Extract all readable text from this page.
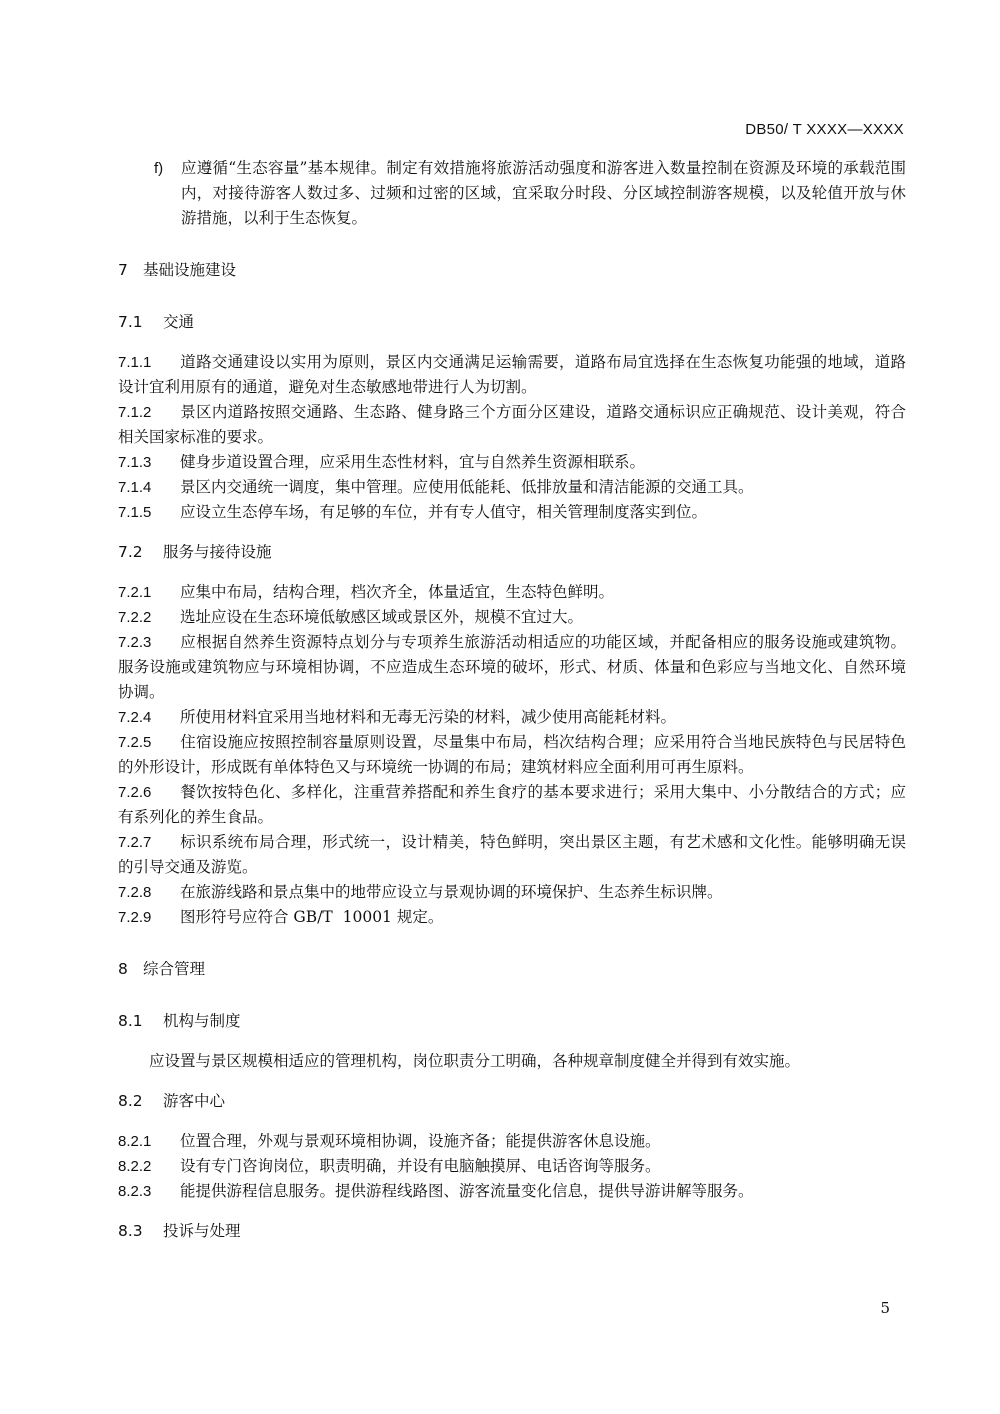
DB50/ T XXXX—XXXX

f) 应遵循“生态容量”基本规律。制定有效措施将旅游活动强度和游客进入数量控制在资源及环境的承载范围内，对接待游客人数过多、过频和过密的区域，宜采取分时段、分区域控制游客规模，以及轮值开放与休游措施，以利于生态恢复。

7 基础设施建设

7.1 交通

7.1.1 道路交通建设以实用为原则，景区内交通满足运输需要，道路布局宜选择在生态恢复功能强的地域，道路设计宜利用原有的通道，避免对生态敏感地带进行人为切割。

7.1.2 景区内道路按照交通路、生态路、健身路三个方面分区建设，道路交通标识应正确规范、设计美观，符合相关国家标准的要求。

7.1.3 健身步道设置合理，应采用生态性材料，宜与自然养生资源相联系。

7.1.4 景区内交通统一调度，集中管理。应使用低能耗、低排放量和清洁能源的交通工具。

7.1.5 应设立生态停车场，有足够的车位，并有专人值守，相关管理制度落实到位。

7.2 服务与接待设施

7.2.1 应集中布局，结构合理，档次齐全，体量适宜，生态特色鲜明。

7.2.2 选址应设在生态环境低敏感区域或景区外，规模不宜过大。

7.2.3 应根据自然养生资源特点划分与专项养生旅游活动相适应的功能区域，并配备相应的服务设施或建筑物。服务设施或建筑物应与环境相协调，不应造成生态环境的破坏，形式、材质、体量和色彩应与当地文化、自然环境协调。

7.2.4 所使用材料宜采用当地材料和无毒无污染的材料，减少使用高能耗材料。

7.2.5 住宿设施应按照控制容量原则设置，尽量集中布局，档次结构合理；应采用符合当地民族特色与民居特色的外形设计，形成既有单体特色又与环境统一协调的布局；建筑材料应全面利用可再生原料。

7.2.6 餐饮按特色化、多样化，注重营养搭配和养生食疗的基本要求进行；采用大集中、小分散结合的方式；应有系列化的养生食品。

7.2.7 标识系统布局合理，形式统一，设计精美，特色鲜明，突出景区主题，有艺术感和文化性。能够明确无误的引导交通及游览。

7.2.8 在旅游线路和景点集中的地带应设立与景观协调的环境保护、生态养生标识牌。

7.2.9 图形符号应符合 GB/T  10001 规定。

8 综合管理

8.1 机构与制度

应设置与景区规模相适应的管理机构，岗位职责分工明确，各种规章制度健全并得到有效实施。

8.2 游客中心

8.2.1 位置合理，外观与景观环境相协调，设施齐备；能提供游客休息设施。

8.2.2 设有专门咨询岗位，职责明确，并设有电脑触摸屏、电话咨询等服务。

8.2.3 能提供游程信息服务。提供游程线路图、游客流量变化信息，提供导游讲解等服务。

8.3 投诉与处理

5
